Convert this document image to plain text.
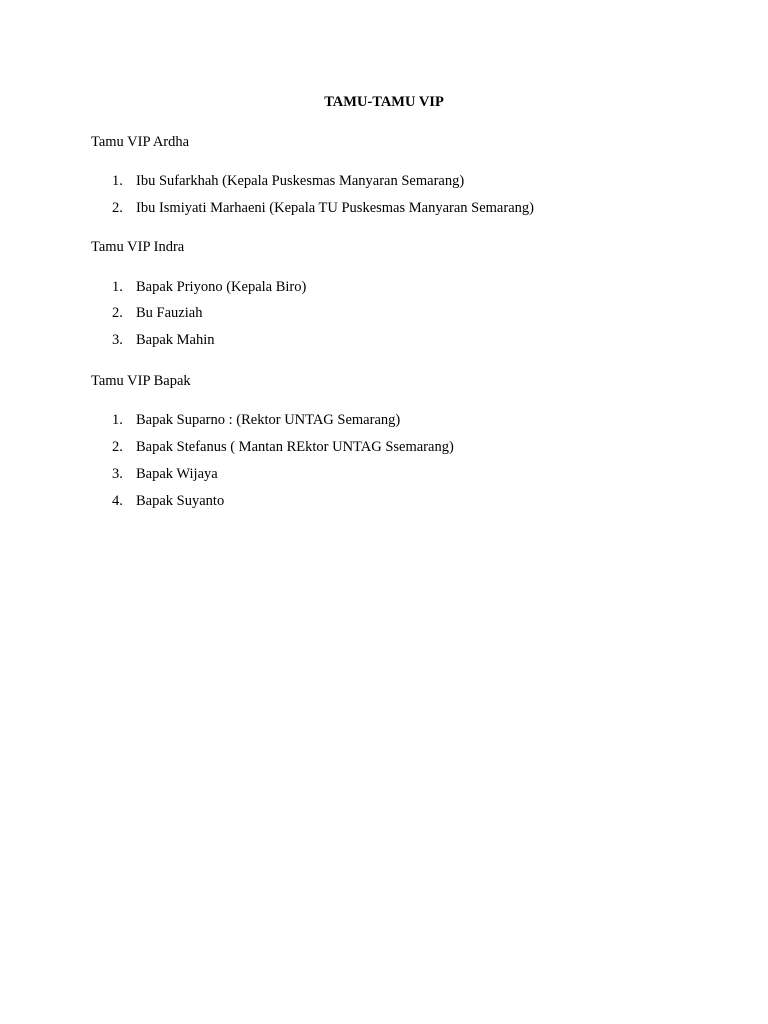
TAMU-TAMU VIP
Tamu VIP Ardha
1. Ibu Sufarkhah (Kepala Puskesmas Manyaran Semarang)
2. Ibu Ismiyati Marhaeni (Kepala TU Puskesmas Manyaran Semarang)
Tamu VIP Indra
1. Bapak Priyono (Kepala Biro)
2. Bu Fauziah
3. Bapak Mahin
Tamu VIP Bapak
1. Bapak Suparno : (Rektor UNTAG Semarang)
2. Bapak Stefanus ( Mantan REktor UNTAG Ssemarang)
3. Bapak Wijaya
4. Bapak Suyanto
